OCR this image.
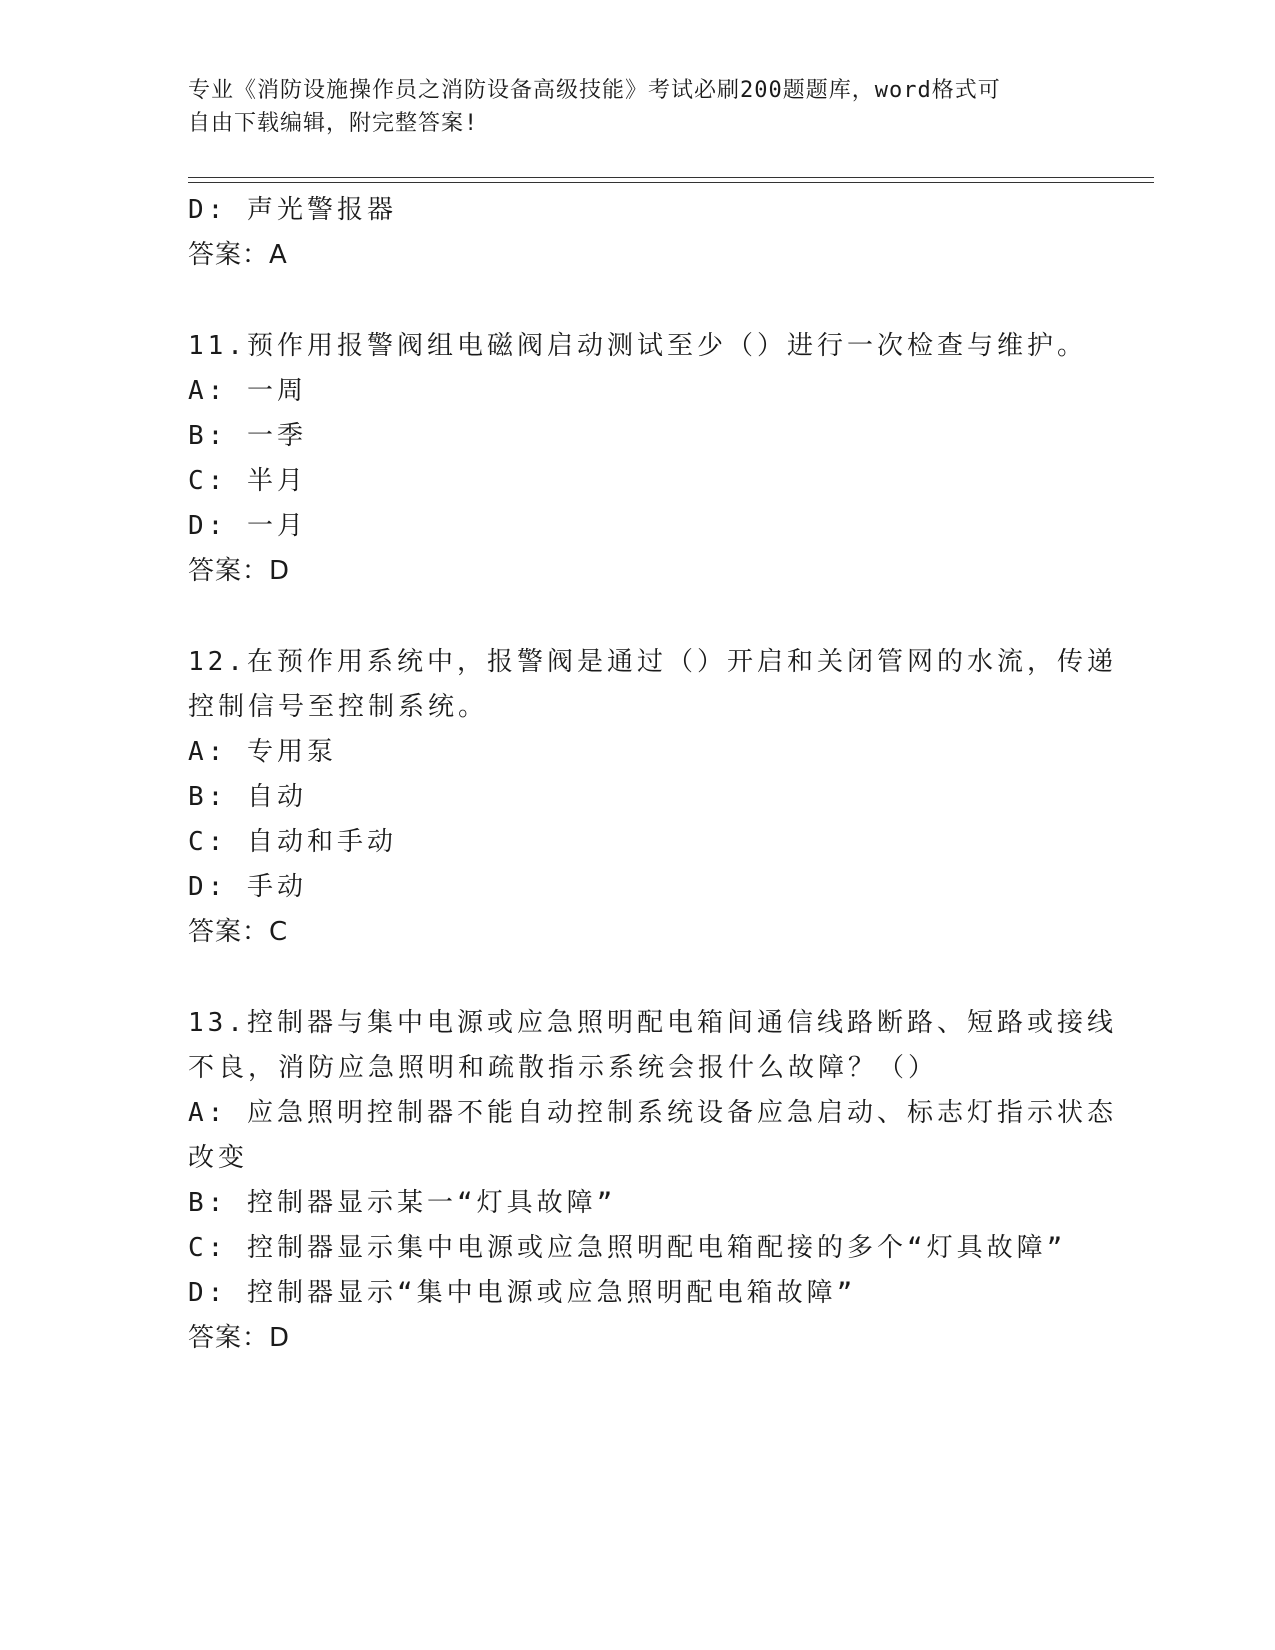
专业《消防设施操作员之消防设备高级技能》考试必刷200题题库，word格式可
自由下载编辑，附完整答案!
D: 声光警报器
答案：A
11.预作用报警阀组电磁阀启动测试至少（）进行一次检查与维护。
A: 一周
B: 一季
C: 半月
D: 一月
答案：D
12.在预作用系统中，报警阀是通过（）开启和关闭管网的水流，传递
控制信号至控制系统。
A: 专用泵
B: 自动
C: 自动和手动
D: 手动
答案：C
13.控制器与集中电源或应急照明配电箱间通信线路断路、短路或接线
不良，消防应急照明和疏散指示系统会报什么故障？（）
A: 应急照明控制器不能自动控制系统设备应急启动、标志灯指示状态
改变
B: 控制器显示某一“灯具故障”
C: 控制器显示集中电源或应急照明配电箱配接的多个“灯具故障”
D: 控制器显示“集中电源或应急照明配电箱故障”
答案：D
